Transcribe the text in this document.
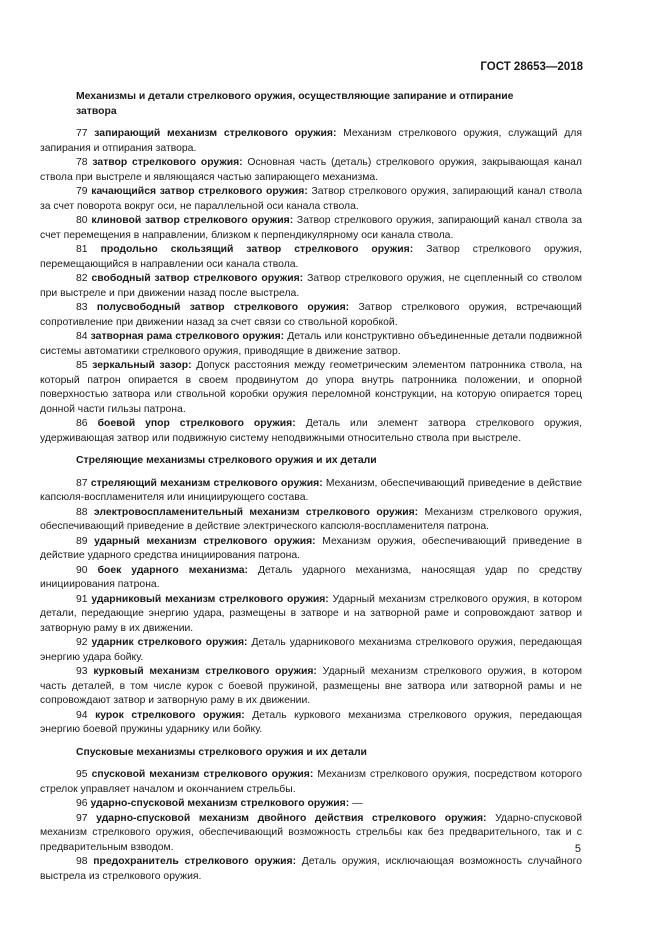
ГОСТ 28653—2018
Механизмы и детали стрелкового оружия, осуществляющие запирание и отпирание
затвора

77 запирающий механизм стрелкового оружия: Механизм стрелкового оружия, служащий для запирания и отпирания затвора.

78 затвор стрелкового оружия: Основная часть (деталь) стрелкового оружия, закрывающая канал ствола при выстреле и являющаяся частью запирающего механизма.

79 качающийся затвор стрелкового оружия: Затвор стрелкового оружия, запирающий канал ствола за счет поворота вокруг оси, не параллельной оси канала ствола.

80 клиновой затвор стрелкового оружия: Затвор стрелкового оружия, запирающий канал ствола за счет перемещения в направлении, близком к перпендикулярному оси канала ствола.

81 продольно скользящий затвор стрелкового оружия: Затвор стрелкового оружия, перемещающийся в направлении оси канала ствола.

82 свободный затвор стрелкового оружия: Затвор стрелкового оружия, не сцепленный со стволом при выстреле и при движении назад после выстрела.

83 полусвободный затвор стрелкового оружия: Затвор стрелкового оружия, встречающий сопротивление при движении назад за счет связи со ствольной коробкой.

84 затворная рама стрелкового оружия: Деталь или конструктивно объединенные детали подвижной системы автоматики стрелкового оружия, приводящие в движение затвор.

85 зеркальный зазор: Допуск расстояния между геометрическим элементом патронника ствола, на который патрон опирается в своем продвинутом до упора внутрь патронника положении, и опорной поверхностью затвора или ствольной коробки оружия переломной конструкции, на которую опирается торец донной части гильзы патрона.

86 боевой упор стрелкового оружия: Деталь или элемент затвора стрелкового оружия, удерживающая затвор или подвижную систему неподвижными относительно ствола при выстреле.

Стреляющие механизмы стрелкового оружия и их детали

87 стреляющий механизм стрелкового оружия: Механизм, обеспечивающий приведение в действие капсюля-воспламенителя или инициирующего состава.

88 электровоспламенительный механизм стрелкового оружия: Механизм стрелкового оружия, обеспечивающий приведение в действие электрического капсюля-воспламенителя патрона.

89 ударный механизм стрелкового оружия: Механизм оружия, обеспечивающий приведение в действие ударного средства инициирования патрона.

90 боек ударного механизма: Деталь ударного механизма, наносящая удар по средству инициирования патрона.

91 ударниковый механизм стрелкового оружия: Ударный механизм стрелкового оружия, в котором детали, передающие энергию удара, размещены в затворе и на затворной раме и сопровождают затвор и затворную раму в их движении.

92 ударник стрелкового оружия: Деталь ударникового механизма стрелкового оружия, передающая энергию удара бойку.

93 курковый механизм стрелкового оружия: Ударный механизм стрелкового оружия, в котором часть деталей, в том числе курок с боевой пружиной, размещены вне затвора или затворной рамы и не сопровождают затвор и затворную раму в их движении.

94 курок стрелкового оружия: Деталь куркового механизма стрелкового оружия, передающая энергию боевой пружины ударнику или бойку.

Спусковые механизмы стрелкового оружия и их детали

95 спусковой механизм стрелкового оружия: Механизм стрелкового оружия, посредством которого стрелок управляет началом и окончанием стрельбы.

96 ударно-спусковой механизм стрелкового оружия: —

97 ударно-спусковой механизм двойного действия стрелкового оружия: Ударно-спусковой механизм стрелкового оружия, обеспечивающий возможность стрельбы как без предварительного, так и с предварительным взводом.

98 предохранитель стрелкового оружия: Деталь оружия, исключающая возможность случайного выстрела из стрелкового оружия.

5
